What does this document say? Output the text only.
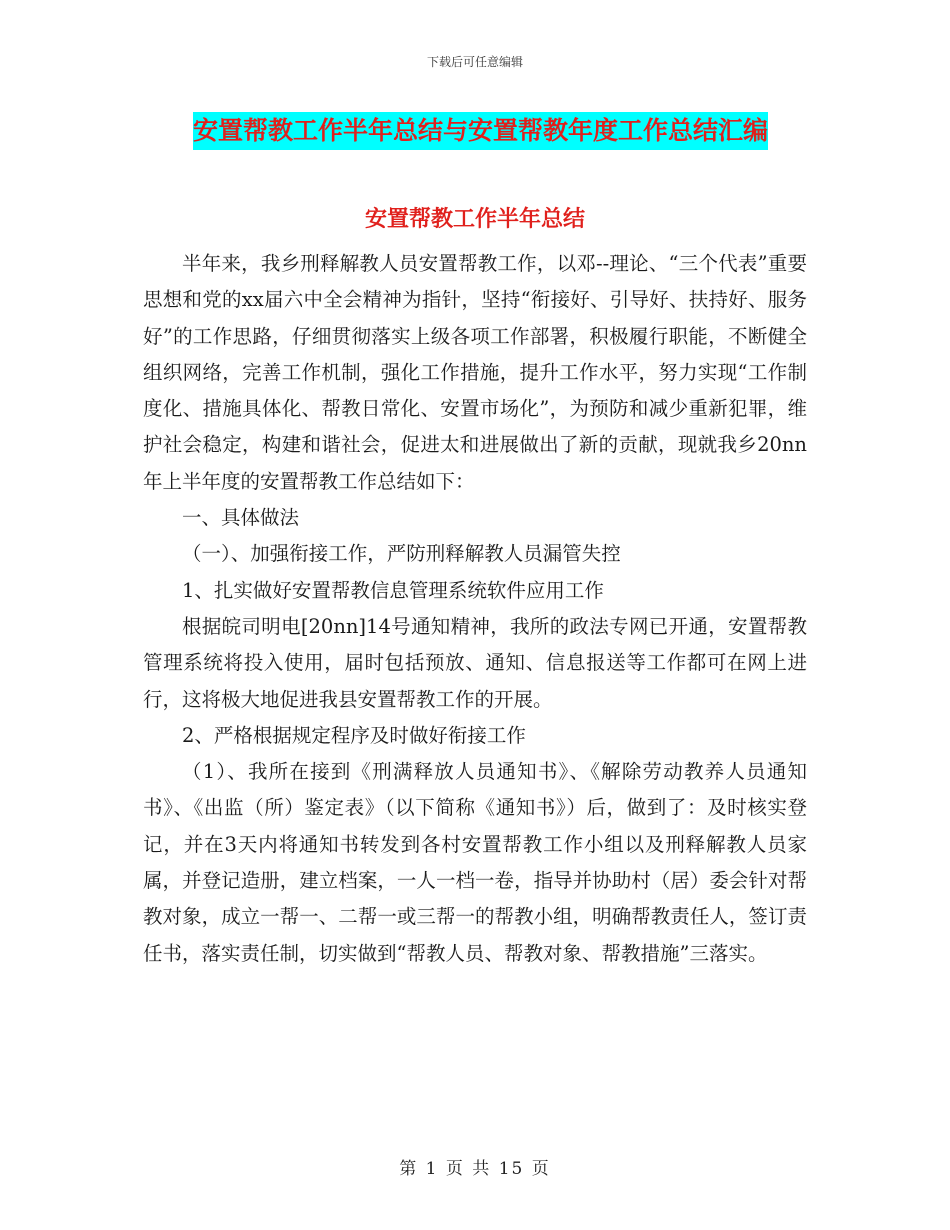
下载后可任意编辑
安置帮教工作半年总结与安置帮教年度工作总结汇编
安置帮教工作半年总结

半年来，我乡刑释解教人员安置帮教工作，以邓--理论、“三个代表”重要思想和党的xx届六中全会精神为指针，坚持“衔接好、引导好、扶持好、服务好”的工作思路，仔细贯彻落实上级各项工作部署，积极履行职能，不断健全组织网络，完善工作机制，强化工作措施，提升工作水平，努力实现“工作制度化、措施具体化、帮教日常化、安置市场化”，为预防和减少重新犯罪，维护社会稳定，构建和谐社会，促进太和进展做出了新的贡献，现就我乡20nn年上半年度的安置帮教工作总结如下：

一、具体做法

（一）、加强衔接工作，严防刑释解教人员漏管失控

1、扎实做好安置帮教信息管理系统软件应用工作

根据皖司明电[20nn]14号通知精神，我所的政法专网已开通，安置帮教管理系统将投入使用，届时包括预放、通知、信息报送等工作都可在网上进行，这将极大地促进我县安置帮教工作的开展。

2、严格根据规定程序及时做好衔接工作

（1）、我所在接到《刑满释放人员通知书》、《解除劳动教养人员通知书》、《出监（所）鉴定表》（以下简称《通知书》）后，做到了：及时核实登记，并在3天内将通知书转发到各村安置帮教工作小组以及刑释解教人员家属，并登记造册，建立档案，一人一档一卷，指导并协助村（居）委会针对帮教对象，成立一帮一、二帮一或三帮一的帮教小组，明确帮教责任人，签订责任书，落实责任制，切实做到“帮教人员、帮教对象、帮教措施”三落实。

第 1 页 共 15 页
